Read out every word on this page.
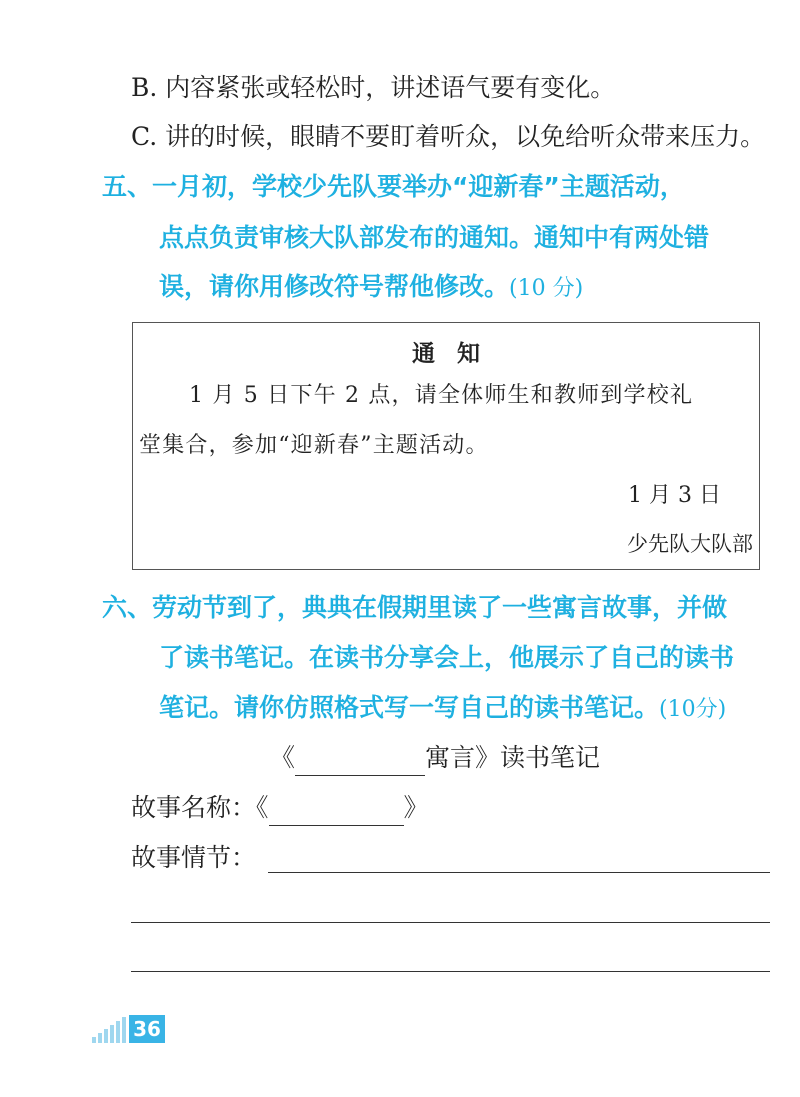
B. 内容紧张或轻松时，讲述语气要有变化。
C. 讲的时候，眼睛不要盯着听众，以免给听众带来压力。
五、一月初，学校少先队要举办“迎新春”主题活动，
点点负责审核大队部发布的通知。通知中有两处错
误，请你用修改符号帮他修改。(10 分)
通知
1 月 5 日下午 2 点，请全体师生和教师到学校礼
堂集合，参加“迎新春”主题活动。
1 月 3 日
少先队大队部
六、劳动节到了，典典在假期里读了一些寓言故事，并做
了读书笔记。在读书分享会上，他展示了自己的读书
笔记。请你仿照格式写一写自己的读书笔记。(10分)
《	寓言》读书笔记
故事名称：《	》
故事情节：
36
